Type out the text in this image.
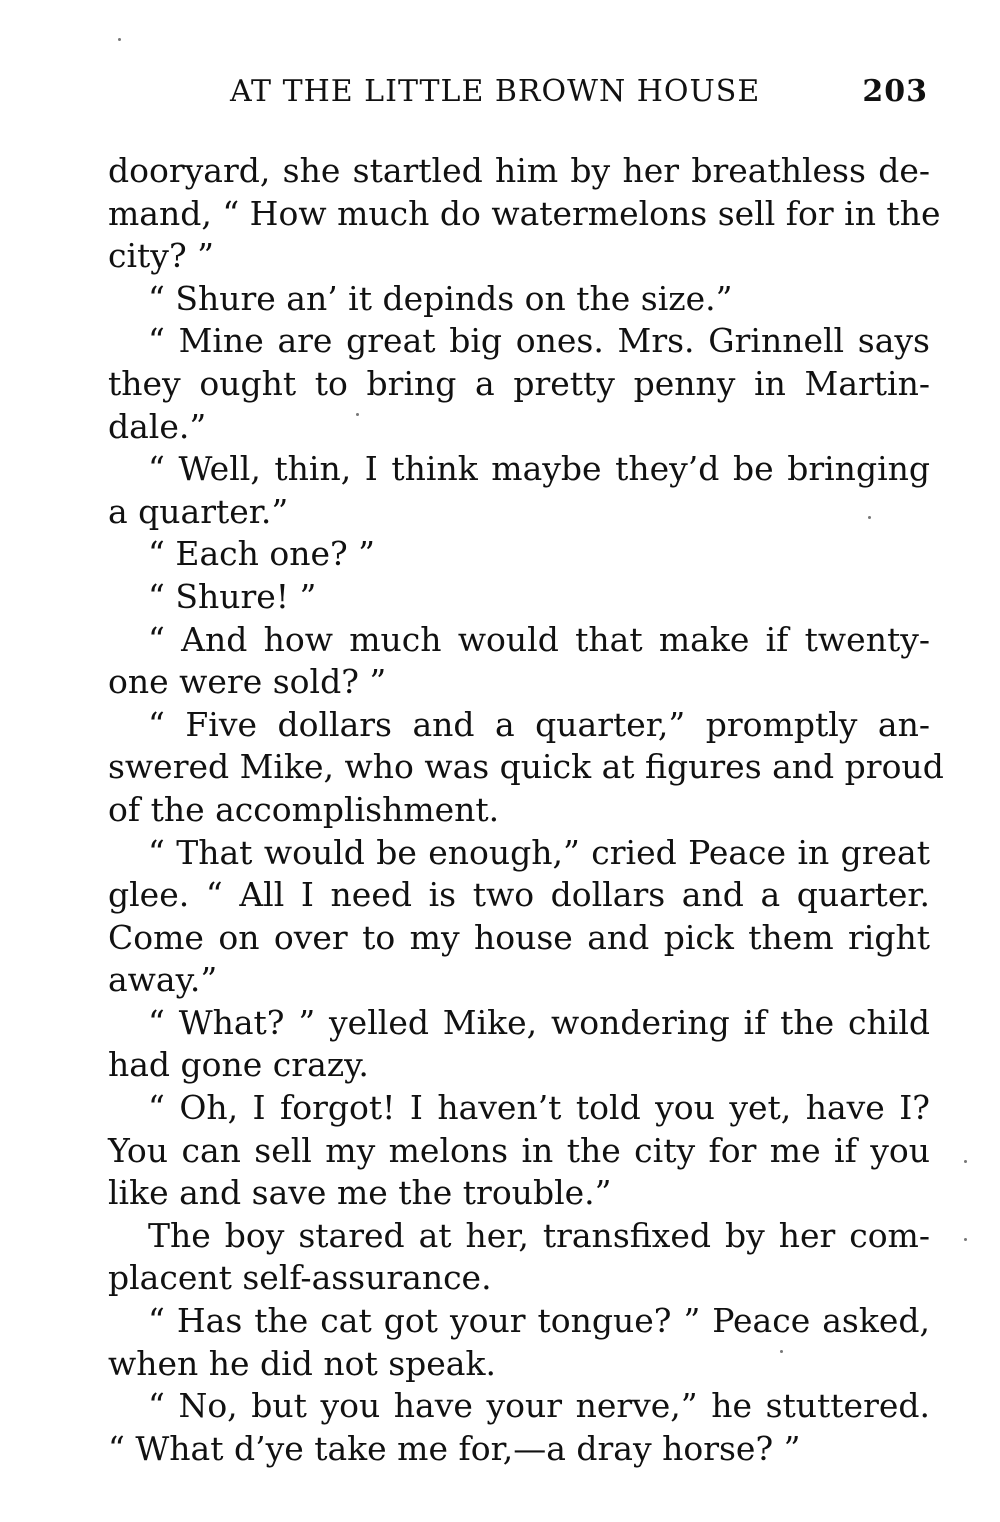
AT THE LITTLE BROWN HOUSE	203
dooryard, she startled him by her breathless de-
mand, “ How much do watermelons sell for in the
city? ”
“ Shure an’ it depinds on the size.”
“ Mine are great big ones. Mrs. Grinnell says
they ought to bring a pretty penny in Martin-
dale.”
“ Well, thin, I think maybe they’d be bringing
a quarter.”
“ Each one? ”
“ Shure! ”
“ And how much would that make if twenty-
one were sold? ”
“ Five dollars and a quarter,” promptly an-
swered Mike, who was quick at figures and proud
of the accomplishment.
“ That would be enough,” cried Peace in great
glee. “ All I need is two dollars and a quarter.
Come on over to my house and pick them right
away.”
“ What? ” yelled Mike, wondering if the child
had gone crazy.
“ Oh, I forgot! I haven’t told you yet, have I?
You can sell my melons in the city for me if you
like and save me the trouble.”
The boy stared at her, transfixed by her com-
placent self-assurance.
“ Has the cat got your tongue? ” Peace asked,
when he did not speak.
“ No, but you have your nerve,” he stuttered.
“ What d’ye take me for,—a dray horse? ”
